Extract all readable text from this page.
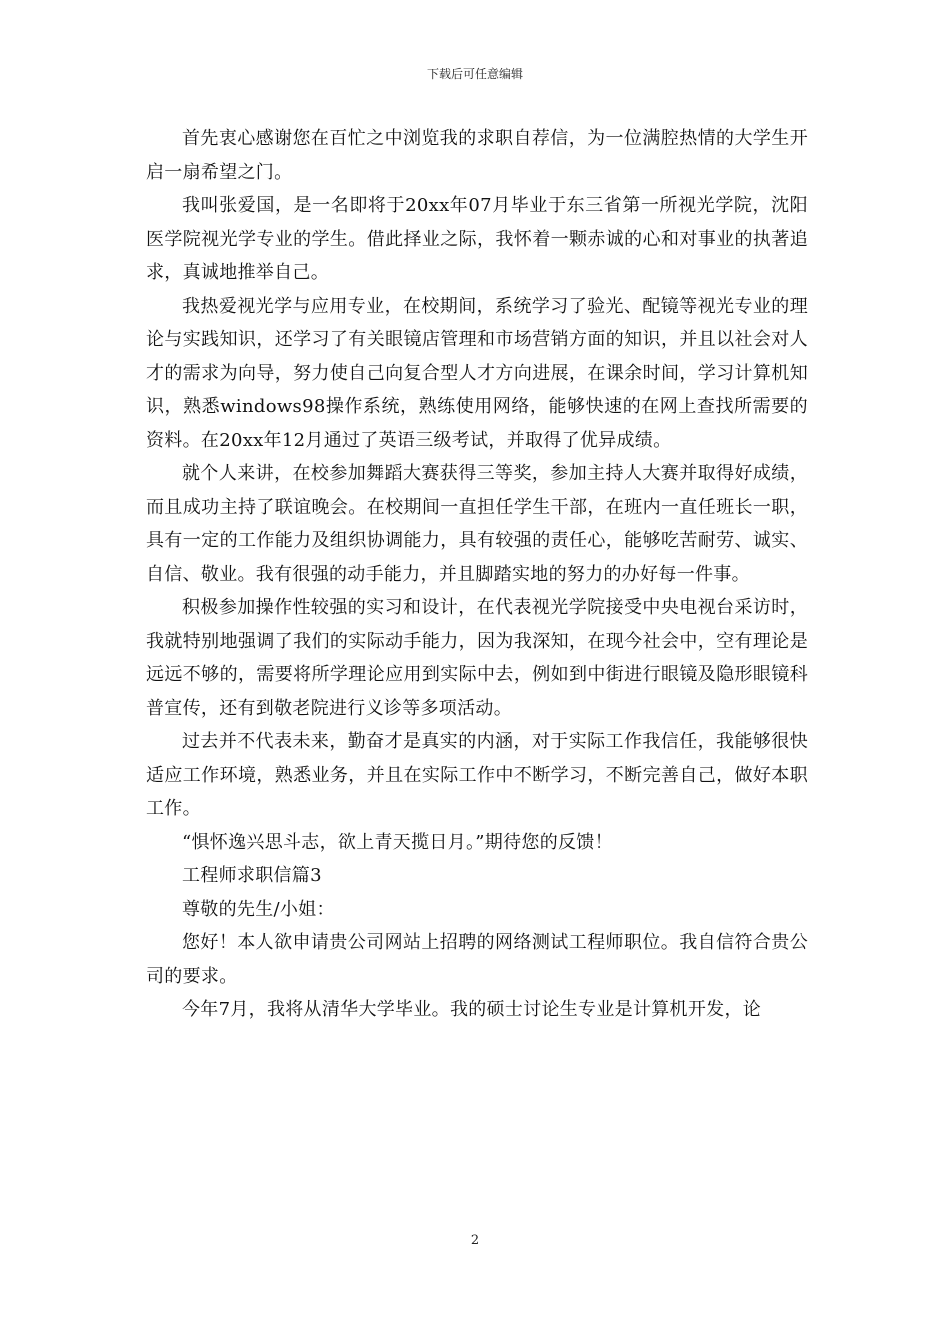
下载后可任意编辑

首先衷心感谢您在百忙之中浏览我的求职自荐信，为一位满腔热情的大学生开启一扇希望之门。

我叫张爱国，是一名即将于20xx年07月毕业于东三省第一所视光学院，沈阳医学院视光学专业的学生。借此择业之际，我怀着一颗赤诚的心和对事业的执著追求，真诚地推举自己。

我热爱视光学与应用专业，在校期间，系统学习了验光、配镜等视光专业的理论与实践知识，还学习了有关眼镜店管理和市场营销方面的知识，并且以社会对人才的需求为向导，努力使自己向复合型人才方向进展，在课余时间，学习计算机知识，熟悉windows98操作系统，熟练使用网络，能够快速的在网上查找所需要的资料。在20xx年12月通过了英语三级考试，并取得了优异成绩。

就个人来讲，在校参加舞蹈大赛获得三等奖，参加主持人大赛并取得好成绩，而且成功主持了联谊晚会。在校期间一直担任学生干部，在班内一直任班长一职，具有一定的工作能力及组织协调能力，具有较强的责任心，能够吃苦耐劳、诚实、自信、敬业。我有很强的动手能力，并且脚踏实地的努力的办好每一件事。

积极参加操作性较强的实习和设计，在代表视光学院接受中央电视台采访时，我就特别地强调了我们的实际动手能力，因为我深知，在现今社会中，空有理论是远远不够的，需要将所学理论应用到实际中去，例如到中街进行眼镜及隐形眼镜科普宣传，还有到敬老院进行义诊等多项活动。

过去并不代表未来，勤奋才是真实的内涵，对于实际工作我信任，我能够很快适应工作环境，熟悉业务，并且在实际工作中不断学习，不断完善自己，做好本职工作。

“惧怀逸兴思斗志，欲上青天揽日月。”期待您的反馈！

工程师求职信篇3

尊敬的先生/小姐：

您好！本人欲申请贵公司网站上招聘的网络测试工程师职位。我自信符合贵公司的要求。

今年7月，我将从清华大学毕业。我的硕士讨论生专业是计算机开发，论

2
